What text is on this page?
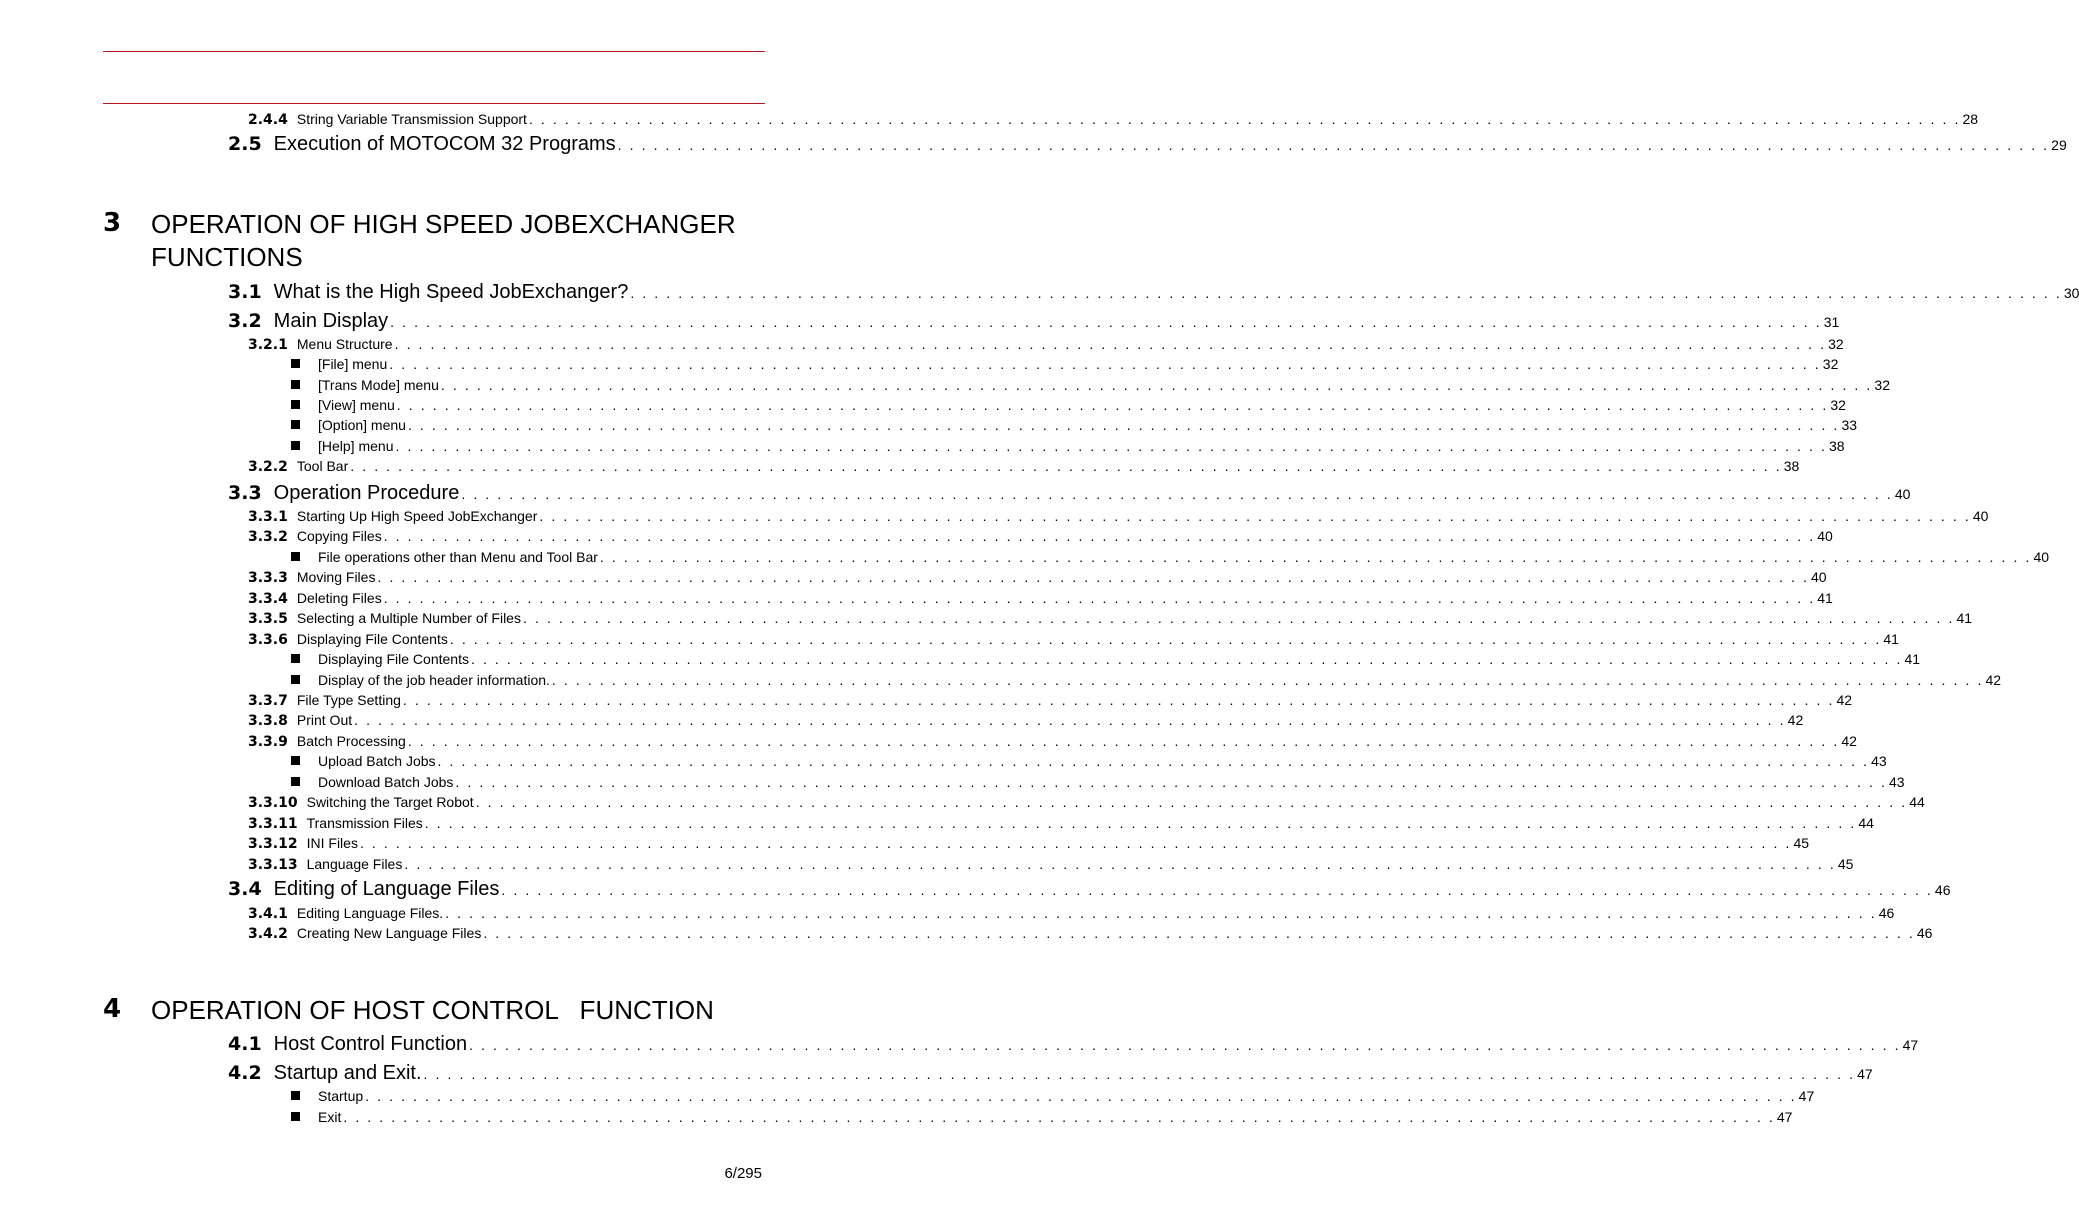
3	OPERATION OF HIGH SPEED JOBEXCHANGER
FUNCTIONS
4	OPERATION OF HOST CONTROL   FUNCTION
2.4.4 String Variable Transmission Support . . . . . . . . . . . . . . . . . . . . . . . . . . . . . . . . . . . . . . . . . . . . . . . . . . . . . . . . . . . . . . . . . . . . . . . . . . . . . . . . . . . . . . . . . . . . . . . . . . . . . . . . . . . . . . . . . . . . . . . . 28
2.5 Execution of MOTOCOM 32 Programs . . . . . . . . . . . . . . . . . . . . . . . . . . . . . . . . . . . . . . . . . . . . . . . . . . . . . . . . . . . . . . . . . . . . . . . . . . . . . . . . . . . . . . . . . . . . . . . . . . . . . . . . . . . . . . . . . . . . . . . . 29
3.1 What is the High Speed JobExchanger? . . . . . . . . . . . . . . . . . . . . . . . . . . . . . . . . . . . . . . . . . . . . . . . . . . . . . . . . . . . . . . . . . . . . . . . . . . . . . . . . . . . . . . . . . . . . . . . . . . . . . . . . . . . . . . . . . . . . . . . . 30
3.2 Main Display . . . . . . . . . . . . . . . . . . . . . . . . . . . . . . . . . . . . . . . . . . . . . . . . . . . . . . . . . . . . . . . . . . . . . . . . . . . . . . . . . . . . . . . . . . . . . . . . . . . . . . . . . . . . . . . . . . . . . . . . 31
3.2.1 Menu Structure . . . . . . . . . . . . . . . . . . . . . . . . . . . . . . . . . . . . . . . . . . . . . . . . . . . . . . . . . . . . . . . . . . . . . . . . . . . . . . . . . . . . . . . . . . . . . . . . . . . . . . . . . . . . . . . . . . . . . . . . 32
[File] menu . . . . . . . . . . . . . . . . . . . . . . . . . . . . . . . . . . . . . . . . . . . . . . . . . . . . . . . . . . . . . . . . . . . . . . . . . . . . . . . . . . . . . . . . . . . . . . . . . . . . . . . . . . . . . . . . . . . . . . . . 32
[Trans Mode] menu . . . . . . . . . . . . . . . . . . . . . . . . . . . . . . . . . . . . . . . . . . . . . . . . . . . . . . . . . . . . . . . . . . . . . . . . . . . . . . . . . . . . . . . . . . . . . . . . . . . . . . . . . . . . . . . . . . . . . . . . 32
[View] menu . . . . . . . . . . . . . . . . . . . . . . . . . . . . . . . . . . . . . . . . . . . . . . . . . . . . . . . . . . . . . . . . . . . . . . . . . . . . . . . . . . . . . . . . . . . . . . . . . . . . . . . . . . . . . . . . . . . . . . . . 32
[Option] menu . . . . . . . . . . . . . . . . . . . . . . . . . . . . . . . . . . . . . . . . . . . . . . . . . . . . . . . . . . . . . . . . . . . . . . . . . . . . . . . . . . . . . . . . . . . . . . . . . . . . . . . . . . . . . . . . . . . . . . . . 33
[Help] menu . . . . . . . . . . . . . . . . . . . . . . . . . . . . . . . . . . . . . . . . . . . . . . . . . . . . . . . . . . . . . . . . . . . . . . . . . . . . . . . . . . . . . . . . . . . . . . . . . . . . . . . . . . . . . . . . . . . . . . . . 38
3.2.2 Tool Bar . . . . . . . . . . . . . . . . . . . . . . . . . . . . . . . . . . . . . . . . . . . . . . . . . . . . . . . . . . . . . . . . . . . . . . . . . . . . . . . . . . . . . . . . . . . . . . . . . . . . . . . . . . . . . . . . . . . . . . . . 38
3.3 Operation Procedure . . . . . . . . . . . . . . . . . . . . . . . . . . . . . . . . . . . . . . . . . . . . . . . . . . . . . . . . . . . . . . . . . . . . . . . . . . . . . . . . . . . . . . . . . . . . . . . . . . . . . . . . . . . . . . . . . . . . . . . . 40
3.3.1 Starting Up High Speed JobExchanger . . . . . . . . . . . . . . . . . . . . . . . . . . . . . . . . . . . . . . . . . . . . . . . . . . . . . . . . . . . . . . . . . . . . . . . . . . . . . . . . . . . . . . . . . . . . . . . . . . . . . . . . . . . . . . . . . . . . . . . . 40
3.3.2 Copying Files . . . . . . . . . . . . . . . . . . . . . . . . . . . . . . . . . . . . . . . . . . . . . . . . . . . . . . . . . . . . . . . . . . . . . . . . . . . . . . . . . . . . . . . . . . . . . . . . . . . . . . . . . . . . . . . . . . . . . . . . 40
File operations other than Menu and Tool Bar . . . . . . . . . . . . . . . . . . . . . . . . . . . . . . . . . . . . . . . . . . . . . . . . . . . . . . . . . . . . . . . . . . . . . . . . . . . . . . . . . . . . . . . . . . . . . . . . . . . . . . . . . . . . . . . . . . . . . . . . 40
3.3.3 Moving Files . . . . . . . . . . . . . . . . . . . . . . . . . . . . . . . . . . . . . . . . . . . . . . . . . . . . . . . . . . . . . . . . . . . . . . . . . . . . . . . . . . . . . . . . . . . . . . . . . . . . . . . . . . . . . . . . . . . . . . . . 40
3.3.4 Deleting Files . . . . . . . . . . . . . . . . . . . . . . . . . . . . . . . . . . . . . . . . . . . . . . . . . . . . . . . . . . . . . . . . . . . . . . . . . . . . . . . . . . . . . . . . . . . . . . . . . . . . . . . . . . . . . . . . . . . . . . . . 41
3.3.5 Selecting a Multiple Number of Files . . . . . . . . . . . . . . . . . . . . . . . . . . . . . . . . . . . . . . . . . . . . . . . . . . . . . . . . . . . . . . . . . . . . . . . . . . . . . . . . . . . . . . . . . . . . . . . . . . . . . . . . . . . . . . . . . . . . . . . . 41
3.3.6 Displaying File Contents . . . . . . . . . . . . . . . . . . . . . . . . . . . . . . . . . . . . . . . . . . . . . . . . . . . . . . . . . . . . . . . . . . . . . . . . . . . . . . . . . . . . . . . . . . . . . . . . . . . . . . . . . . . . . . . . . . . . . . . . 41
Displaying File Contents . . . . . . . . . . . . . . . . . . . . . . . . . . . . . . . . . . . . . . . . . . . . . . . . . . . . . . . . . . . . . . . . . . . . . . . . . . . . . . . . . . . . . . . . . . . . . . . . . . . . . . . . . . . . . . . . . . . . . . . . 41
Display of the job header information. . . . . . . . . . . . . . . . . . . . . . . . . . . . . . . . . . . . . . . . . . . . . . . . . . . . . . . . . . . . . . . . . . . . . . . . . . . . . . . . . . . . . . . . . . . . . . . . . . . . . . . . . . . . . . . . . . . . . . . . . 42
3.3.7 File Type Setting . . . . . . . . . . . . . . . . . . . . . . . . . . . . . . . . . . . . . . . . . . . . . . . . . . . . . . . . . . . . . . . . . . . . . . . . . . . . . . . . . . . . . . . . . . . . . . . . . . . . . . . . . . . . . . . . . . . . . . . . 42
3.3.8 Print Out . . . . . . . . . . . . . . . . . . . . . . . . . . . . . . . . . . . . . . . . . . . . . . . . . . . . . . . . . . . . . . . . . . . . . . . . . . . . . . . . . . . . . . . . . . . . . . . . . . . . . . . . . . . . . . . . . . . . . . . . 42
3.3.9 Batch Processing . . . . . . . . . . . . . . . . . . . . . . . . . . . . . . . . . . . . . . . . . . . . . . . . . . . . . . . . . . . . . . . . . . . . . . . . . . . . . . . . . . . . . . . . . . . . . . . . . . . . . . . . . . . . . . . . . . . . . . . . 42
Upload Batch Jobs . . . . . . . . . . . . . . . . . . . . . . . . . . . . . . . . . . . . . . . . . . . . . . . . . . . . . . . . . . . . . . . . . . . . . . . . . . . . . . . . . . . . . . . . . . . . . . . . . . . . . . . . . . . . . . . . . . . . . . . . 43
Download Batch Jobs . . . . . . . . . . . . . . . . . . . . . . . . . . . . . . . . . . . . . . . . . . . . . . . . . . . . . . . . . . . . . . . . . . . . . . . . . . . . . . . . . . . . . . . . . . . . . . . . . . . . . . . . . . . . . . . . . . . . . . . . 43
3.3.10 Switching the Target Robot . . . . . . . . . . . . . . . . . . . . . . . . . . . . . . . . . . . . . . . . . . . . . . . . . . . . . . . . . . . . . . . . . . . . . . . . . . . . . . . . . . . . . . . . . . . . . . . . . . . . . . . . . . . . . . . . . . . . . . . . 44
3.3.11 Transmission Files . . . . . . . . . . . . . . . . . . . . . . . . . . . . . . . . . . . . . . . . . . . . . . . . . . . . . . . . . . . . . . . . . . . . . . . . . . . . . . . . . . . . . . . . . . . . . . . . . . . . . . . . . . . . . . . . . . . . . . . . 44
3.3.12 INI Files . . . . . . . . . . . . . . . . . . . . . . . . . . . . . . . . . . . . . . . . . . . . . . . . . . . . . . . . . . . . . . . . . . . . . . . . . . . . . . . . . . . . . . . . . . . . . . . . . . . . . . . . . . . . . . . . . . . . . . . . 45
3.3.13 Language Files . . . . . . . . . . . . . . . . . . . . . . . . . . . . . . . . . . . . . . . . . . . . . . . . . . . . . . . . . . . . . . . . . . . . . . . . . . . . . . . . . . . . . . . . . . . . . . . . . . . . . . . . . . . . . . . . . . . . . . . . 45
3.4 Editing of Language Files . . . . . . . . . . . . . . . . . . . . . . . . . . . . . . . . . . . . . . . . . . . . . . . . . . . . . . . . . . . . . . . . . . . . . . . . . . . . . . . . . . . . . . . . . . . . . . . . . . . . . . . . . . . . . . . . . . . . . . . . 46
3.4.1 Editing Language Files. . . . . . . . . . . . . . . . . . . . . . . . . . . . . . . . . . . . . . . . . . . . . . . . . . . . . . . . . . . . . . . . . . . . . . . . . . . . . . . . . . . . . . . . . . . . . . . . . . . . . . . . . . . . . . . . . . . . . . . . . 46
3.4.2 Creating New Language Files . . . . . . . . . . . . . . . . . . . . . . . . . . . . . . . . . . . . . . . . . . . . . . . . . . . . . . . . . . . . . . . . . . . . . . . . . . . . . . . . . . . . . . . . . . . . . . . . . . . . . . . . . . . . . . . . . . . . . . . . 46
4.1 Host Control Function . . . . . . . . . . . . . . . . . . . . . . . . . . . . . . . . . . . . . . . . . . . . . . . . . . . . . . . . . . . . . . . . . . . . . . . . . . . . . . . . . . . . . . . . . . . . . . . . . . . . . . . . . . . . . . . . . . . . . . . . 47
4.2 Startup and Exit. . . . . . . . . . . . . . . . . . . . . . . . . . . . . . . . . . . . . . . . . . . . . . . . . . . . . . . . . . . . . . . . . . . . . . . . . . . . . . . . . . . . . . . . . . . . . . . . . . . . . . . . . . . . . . . . . . . . . . . . . 47
Startup . . . . . . . . . . . . . . . . . . . . . . . . . . . . . . . . . . . . . . . . . . . . . . . . . . . . . . . . . . . . . . . . . . . . . . . . . . . . . . . . . . . . . . . . . . . . . . . . . . . . . . . . . . . . . . . . . . . . . . . . 47
Exit . . . . . . . . . . . . . . . . . . . . . . . . . . . . . . . . . . . . . . . . . . . . . . . . . . . . . . . . . . . . . . . . . . . . . . . . . . . . . . . . . . . . . . . . . . . . . . . . . . . . . . . . . . . . . . . . . . . . . . . . 47
6/295
